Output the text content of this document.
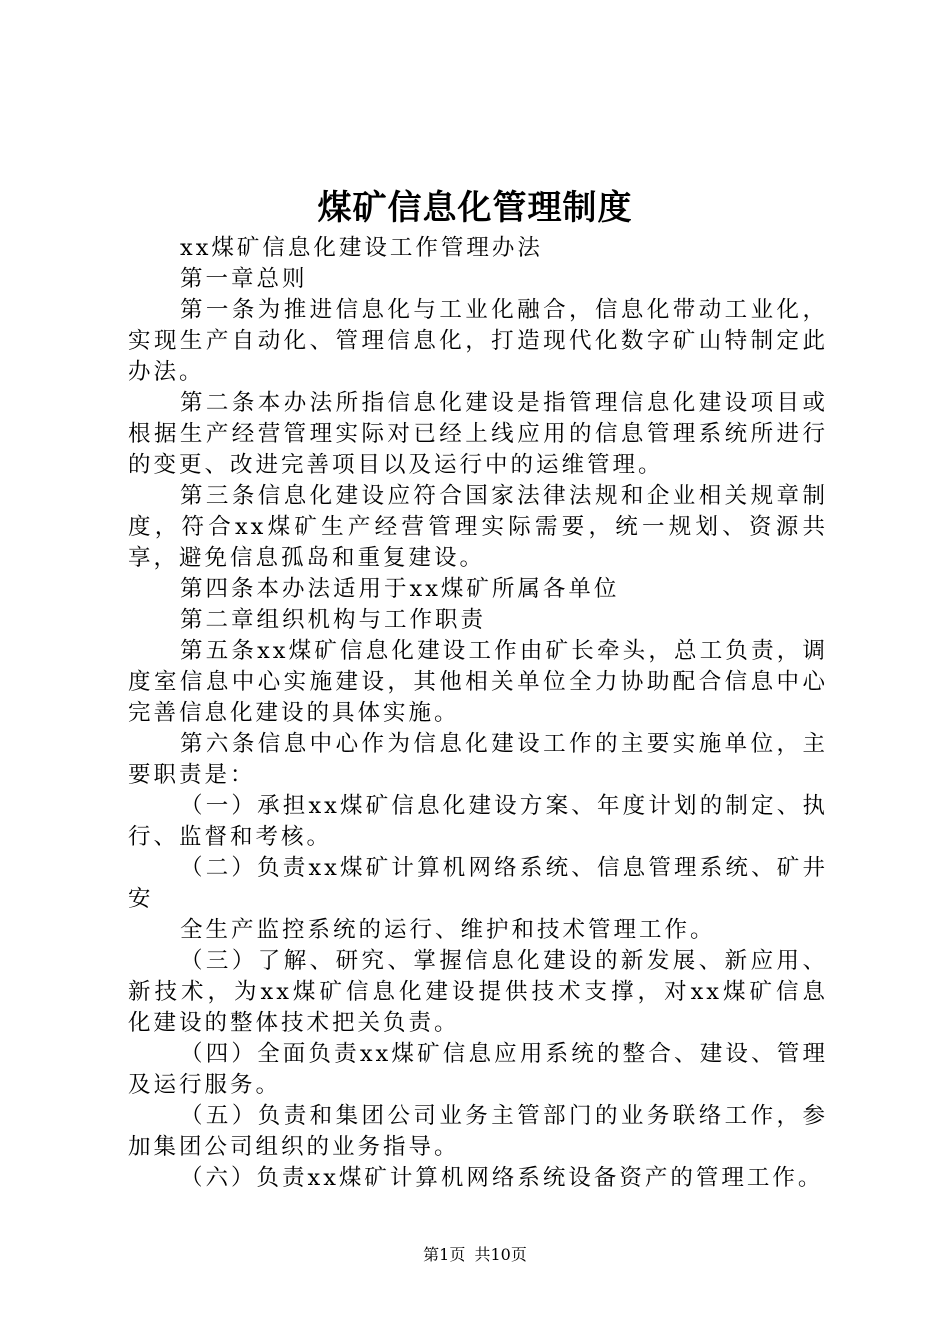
煤矿信息化管理制度

xx煤矿信息化建设工作管理办法

第一章总则

第一条为推进信息化与工业化融合，信息化带动工业化，实现生产自动化、管理信息化，打造现代化数字矿山特制定此办法。

第二条本办法所指信息化建设是指管理信息化建设项目或根据生产经营管理实际对已经上线应用的信息管理系统所进行的变更、改进完善项目以及运行中的运维管理。

第三条信息化建设应符合国家法律法规和企业相关规章制度，符合xx煤矿生产经营管理实际需要，统一规划、资源共享，避免信息孤岛和重复建设。

第四条本办法适用于xx煤矿所属各单位

第二章组织机构与工作职责

第五条xx煤矿信息化建设工作由矿长牵头，总工负责，调度室信息中心实施建设，其他相关单位全力协助配合信息中心完善信息化建设的具体实施。

第六条信息中心作为信息化建设工作的主要实施单位，主要职责是：

（一）承担xx煤矿信息化建设方案、年度计划的制定、执行、监督和考核。

（二）负责xx煤矿计算机网络系统、信息管理系统、矿井安

全生产监控系统的运行、维护和技术管理工作。

（三）了解、研究、掌握信息化建设的新发展、新应用、新技术，为xx煤矿信息化建设提供技术支撑，对xx煤矿信息化建设的整体技术把关负责。

（四）全面负责xx煤矿信息应用系统的整合、建设、管理及运行服务。

（五）负责和集团公司业务主管部门的业务联络工作，参加集团公司组织的业务指导。

（六）负责xx煤矿计算机网络系统设备资产的管理工作。

第1页 共10页
